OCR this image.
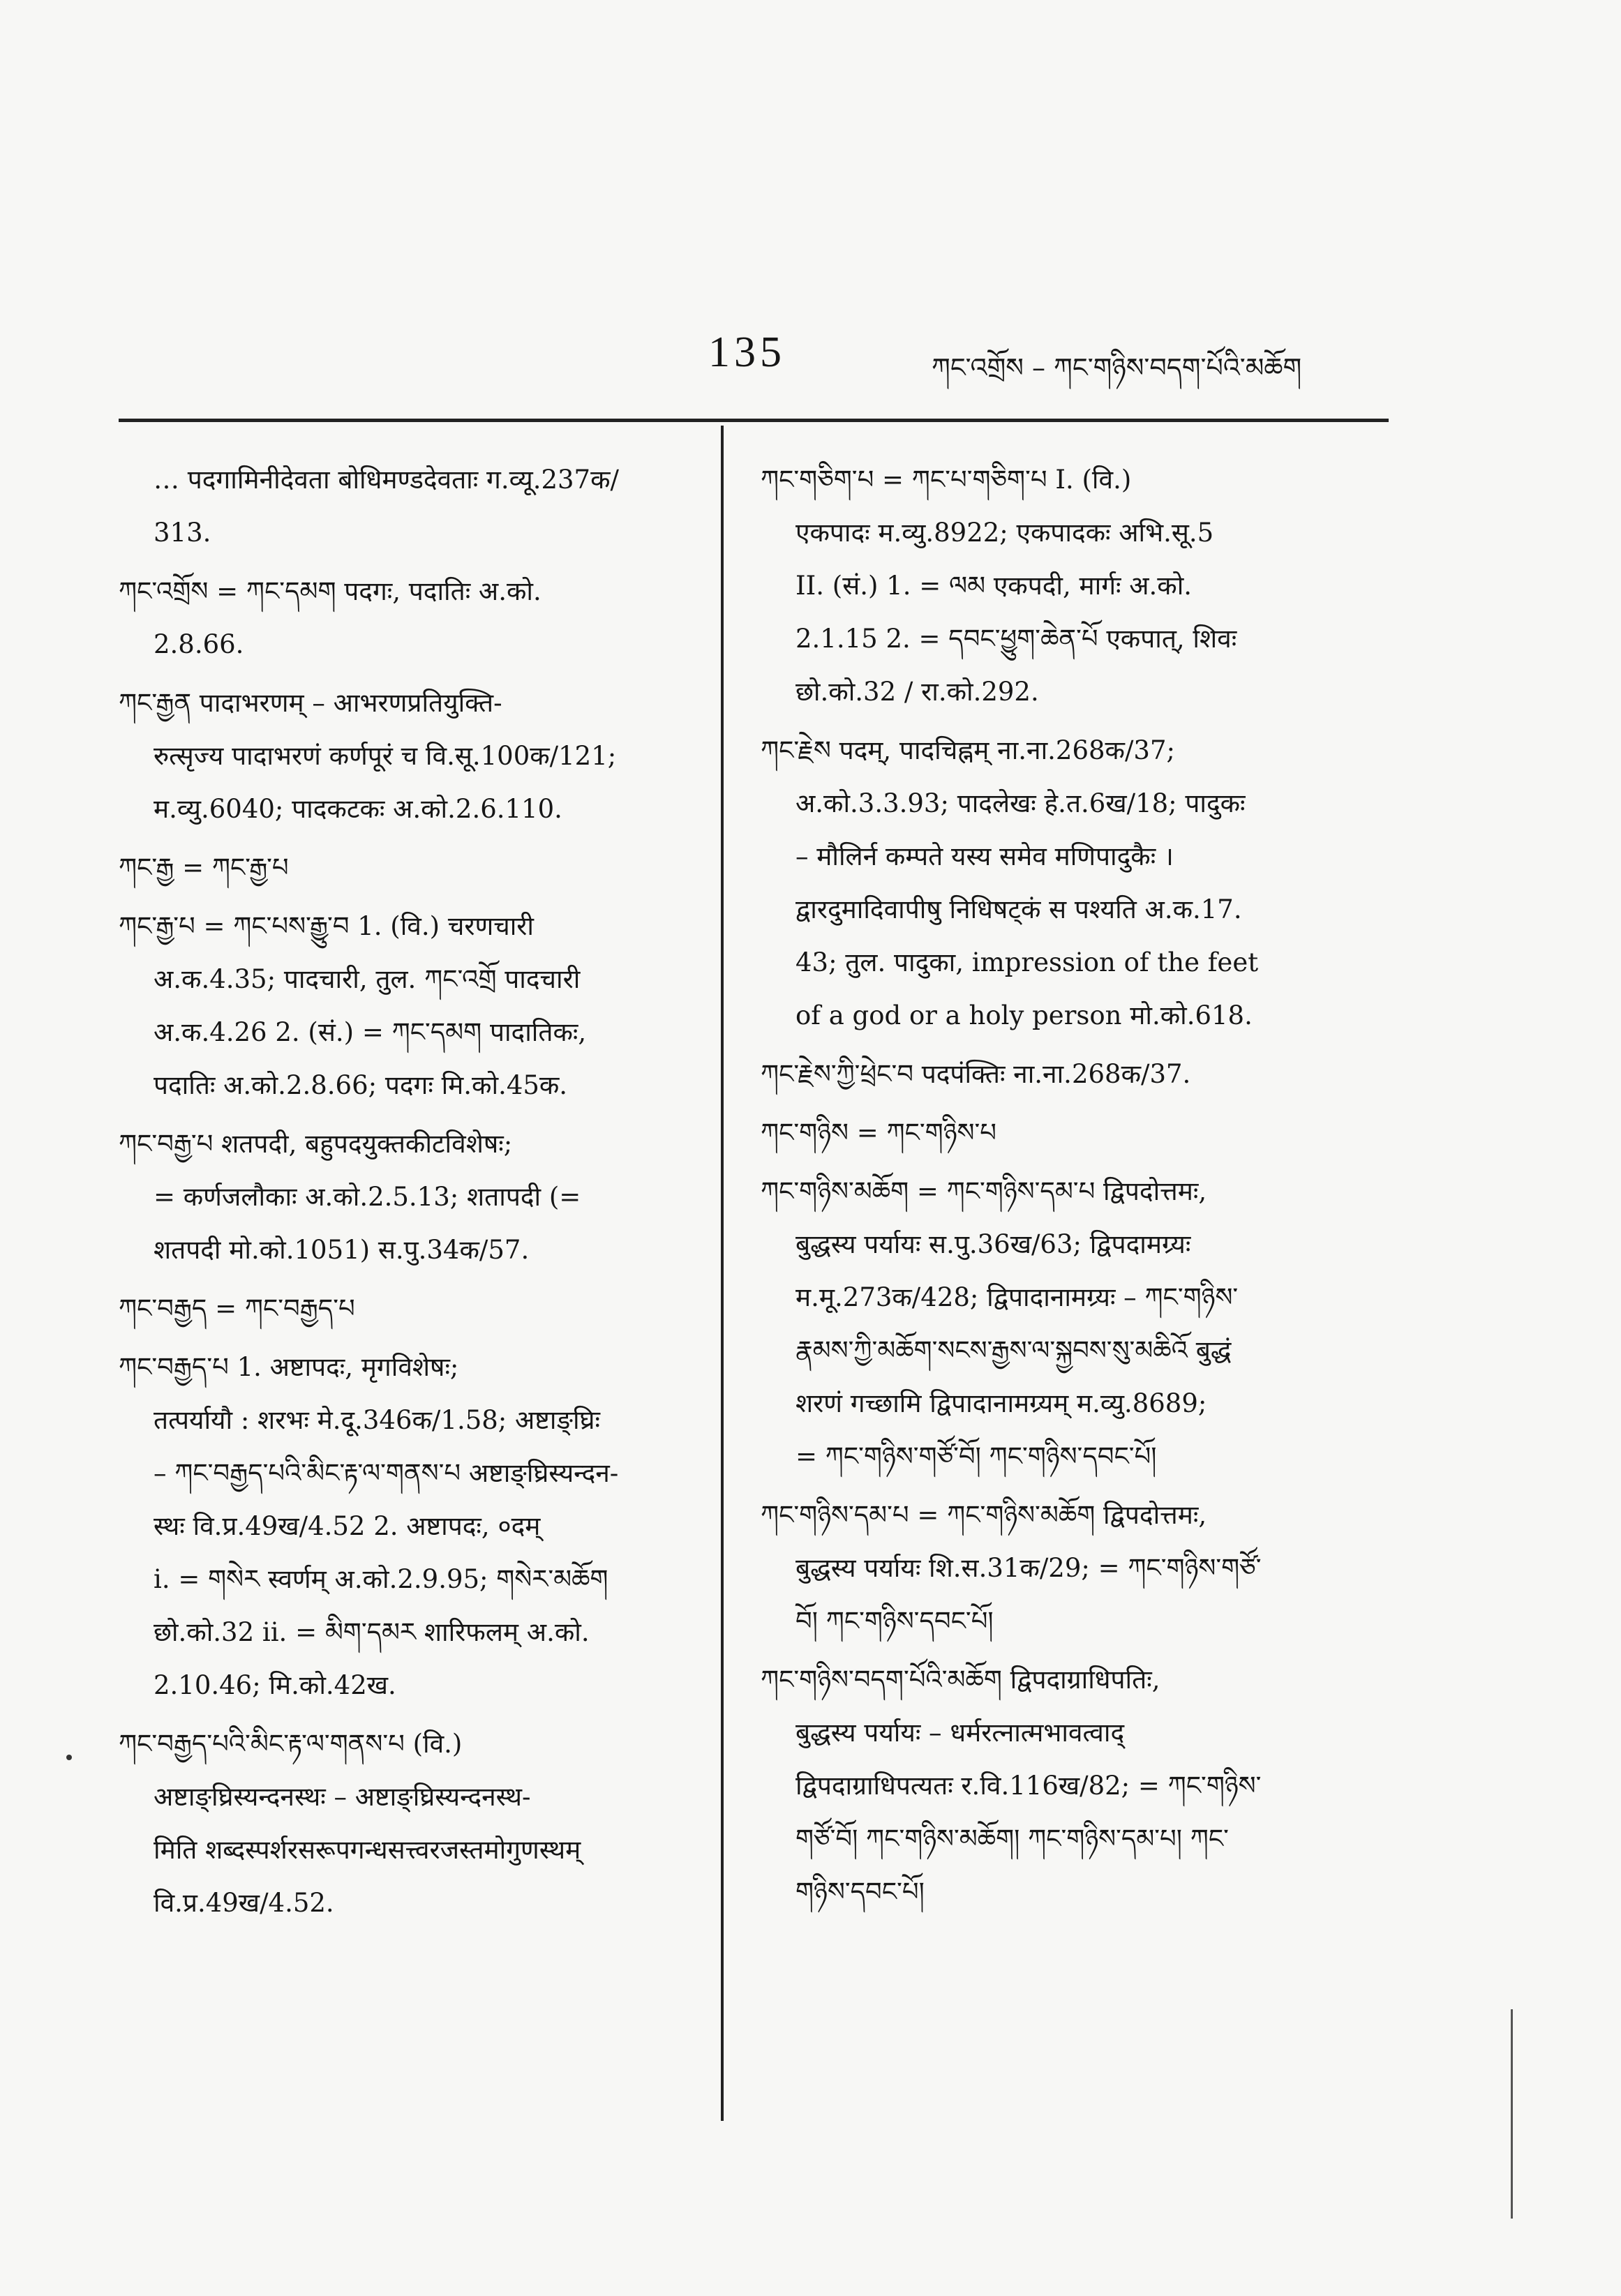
135	ཀང་འགྲོས – ཀང་གཉིས་བདག་པོའི་མཆོག
… पदगामिनीदेवता बोधिमण्डदेवताः ग.व्यू.237क/
313.
ཀང་འགྲོས = ཀང་དམག पदगः, पदातिः अ.को.
2.8.66.
ཀང་རྒྱན पादाभरणम् – आभरणप्रतियुक्ति-
रुत्सृज्य पादाभरणं कर्णपूरं च वि.सू.100क/121;
म.व्यु.6040; पादकटकः अ.को.2.6.110.
ཀང་རྒྱ = ཀང་རྒྱ་པ
ཀང་རྒྱ་པ = ཀང་པས་རྒྱུ་བ 1. (वि.) चरणचारी
अ.क.4.35; पादचारी, तुल. ཀང་འགྲོ पादचारी
अ.क.4.26 2. (सं.) = ཀང་དམག पादातिकः,
पदातिः अ.को.2.8.66; पदगः मि.को.45क.
ཀང་བརྒྱ་པ शतपदी, बहुपदयुक्तकीटविशेषः;
= कर्णजलौकाः अ.को.2.5.13; शतापदी (=
शतपदी मो.को.1051) स.पु.34क/57.
ཀང་བརྒྱད = ཀང་བརྒྱད་པ
ཀང་བརྒྱད་པ 1. अष्टापदः, मृगविशेषः;
तत्पर्यायौ : शरभः मे.दू.346क/1.58; अष्टाङ्घ्रिः
– ཀང་བརྒྱད་པའི་མིང་རྟ་ལ་གནས་པ अष्टाङ्घ्रिस्यन्दन-
स्थः वि.प्र.49ख/4.52 2. अष्टापदः, ०दम्
i. = གསེར स्वर्णम् अ.को.2.9.95; གསེར་མཆོག
छो.को.32 ii. = མིག་དམར शारिफलम् अ.को.
2.10.46; मि.को.42ख.
ཀང་བརྒྱད་པའི་མིང་རྟ་ལ་གནས་པ (वि.)
अष्टाङ्घ्रिस्यन्दनस्थः – अष्टाङ्घ्रिस्यन्दनस्थ-
मिति शब्दस्पर्शरसरूपगन्धसत्त्वरजस्तमोगुणस्थम्
वि.प्र.49ख/4.52.
ཀང་གཅིག་པ = ཀང་པ་གཅིག་པ I. (वि.)
एकपादः म.व्यु.8922; एकपादकः अभि.सू.5
II. (सं.) 1. = ལམ एकपदी, मार्गः अ.को.
2.1.15 2. = དབང་ཕྱུག་ཆེན་པོ एकपात्, शिवः
छो.को.32 / रा.को.292.
ཀང་རྗེས पदम्, पादचिह्नम् ना.ना.268क/37;
अ.को.3.3.93; पादलेखः हे.त.6ख/18; पादुकः
– मौलिर्न कम्पते यस्य समेव मणिपादुकैः ।
द्वारदुमादिवापीषु निधिषट्कं स पश्यति अ.क.17.
43; तुल. पादुका, impression of the feet
of a god or a holy person मो.को.618.
ཀང་རྗེས་ཀྱི་ཕྲེང་བ पदपंक्तिः ना.ना.268क/37.
ཀང་གཉིས = ཀང་གཉིས་པ
ཀང་གཉིས་མཆོག = ཀང་གཉིས་དམ་པ द्विपदोत्तमः,
बुद्धस्य पर्यायः स.पु.36ख/63; द्विपदामग्र्यः
म.मू.273क/428; द्विपादानामग्र्यः – ཀང་གཉིས་
རྣམས་ཀྱི་མཆོག་སངས་རྒྱས་ལ་སྐྱབས་སུ་མཆིའོ बुद्धं
शरणं गच्छामि द्विपादानामग्र्यम् म.व्यु.8689;
= ཀང་གཉིས་གཙོ་བོ། ཀང་གཉིས་དབང་པོ།
ཀང་གཉིས་དམ་པ = ཀང་གཉིས་མཆོག द्विपदोत्तमः,
बुद्धस्य पर्यायः शि.स.31क/29; = ཀང་གཉིས་གཙོ་
བོ། ཀང་གཉིས་དབང་པོ།
ཀང་གཉིས་བདག་པོའི་མཆོག द्विपदाग्राधिपतिः,
बुद्धस्य पर्यायः – धर्मरत्नात्मभावत्वाद्
द्विपदाग्राधिपत्यतः र.वि.116ख/82; = ཀང་གཉིས་
གཙོ་བོ། ཀང་གཉིས་མཆོག། ཀང་གཉིས་དམ་པ། ཀང་
གཉིས་དབང་པོ།
